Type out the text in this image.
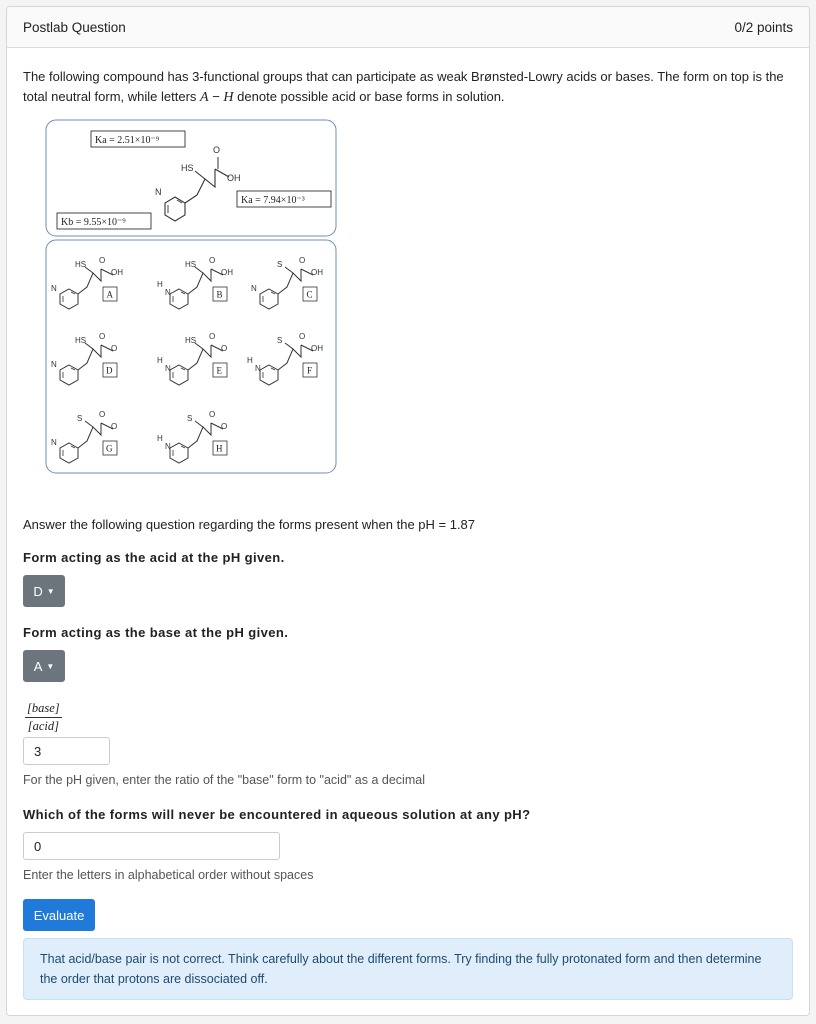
Postlab Question	0/2 points
The following compound has 3-functional groups that can participate as weak Brønsted-Lowry acids or bases. The form on top is the total neutral form, while letters A − H denote possible acid or base forms in solution.
N
HS
O
OH
Ka = 2.51×10⁻⁹
Ka = 7.94×10⁻³
Kb = 9.55×10⁻⁹
N
HS
OH
O
A
H
N
HS
OH
O
B
N
S
OH
O
C
N
HS
O
O
D
H
N
HS
O
O
E
H
N
S
OH
O
F
N
S
O
O
G
H
N
S
O
O
H
Answer the following question regarding the forms present when the pH = 1.87
Form acting as the acid at the pH given.
D ▼
Form acting as the base at the pH given.
A ▼
[base]
[acid]
3
For the pH given, enter the ratio of the "base" form to "acid" as a decimal
Which of the forms will never be encountered in aqueous solution at any pH?
0
Enter the letters in alphabetical order without spaces
Evaluate
That acid/base pair is not correct. Think carefully about the different forms. Try finding the fully protonated form and then determine the order that protons are dissociated off.
